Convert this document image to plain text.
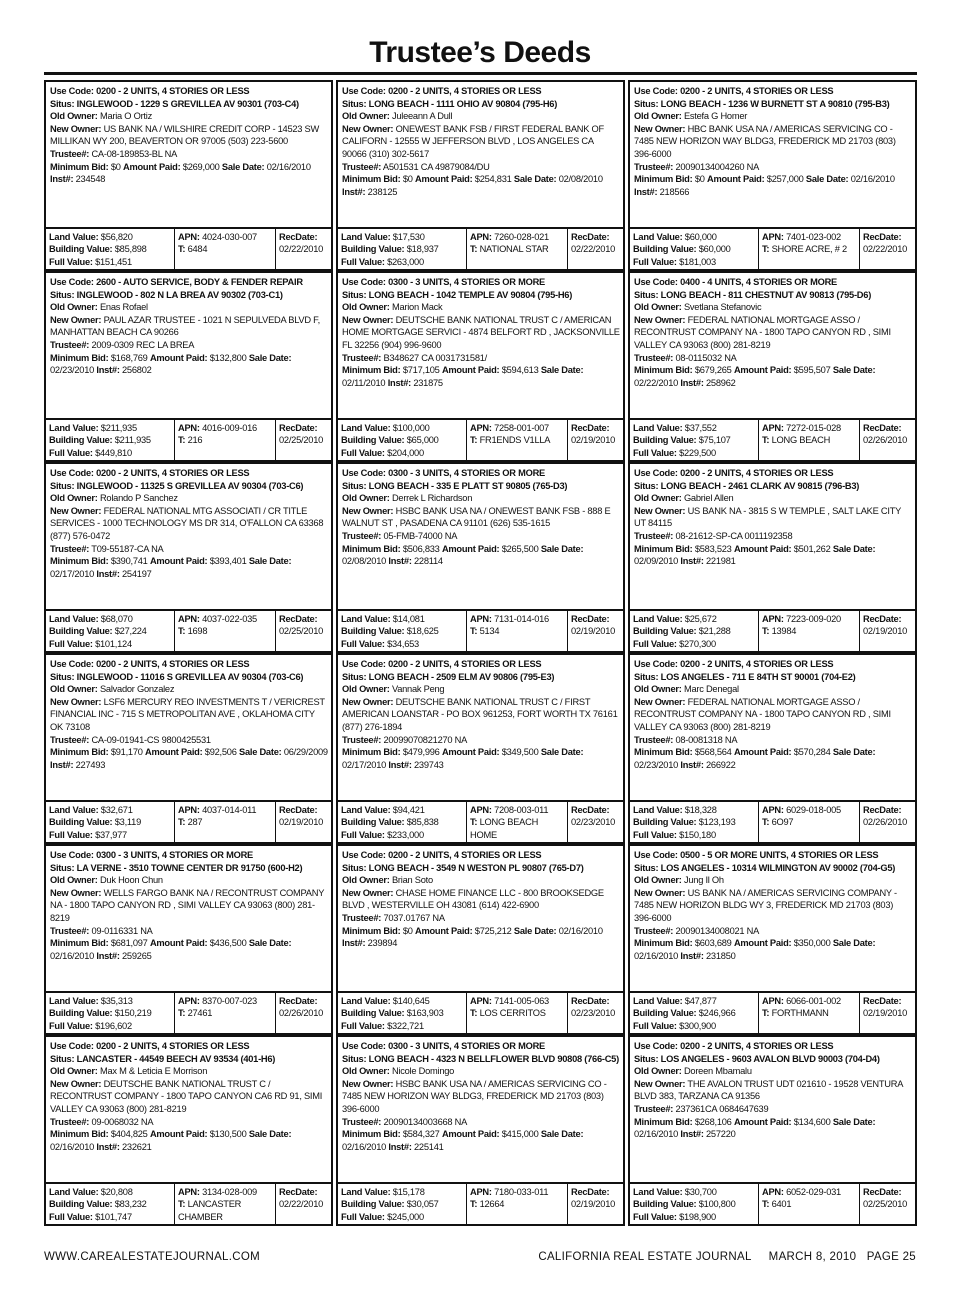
Trustee’s Deeds
Use Code: 0200 - 2 UNITS, 4 STORIES OR LESS
Situs: INGLEWOOD - 1229 S GREVILLEA AV 90301 (703-C4)
Old Owner: Maria O Ortiz
New Owner: US BANK NA / WILSHIRE CREDIT CORP - 14523 SW MILLIKAN WY 200, BEAVERTON OR 97005 (503) 223-5600
Trustee#: CA-08-189853-BL NA
Minimum Bid: $0 Amount Paid: $269,000 Sale Date: 02/16/2010 Inst#: 234548
Land Value: $56,820
Building Value: $85,898
Full Value: $151,451
APN: 4024-030-007
T: 6484
RecDate:
02/22/2010
Use Code: 0200 - 2 UNITS, 4 STORIES OR LESS
Situs: LONG BEACH - 1111 OHIO AV 90804 (795-H6)
Old Owner: Juleeann A Dull
New Owner: ONEWEST BANK FSB / FIRST FEDERAL BANK OF CALIFORN - 12555 W JEFFERSON BLVD , LOS ANGELES CA 90066 (310) 302-5617
Trustee#: A501531 CA 49879084/DU
Minimum Bid: $0 Amount Paid: $254,831 Sale Date: 02/08/2010 Inst#: 238125
Land Value: $17,530
Building Value: $18,937
Full Value: $263,000
APN: 7260-028-021
T: NATIONAL STAR
RecDate:
02/22/2010
Use Code: 0200 - 2 UNITS, 4 STORIES OR LESS
Situs: LONG BEACH - 1236 W BURNETT ST A 90810 (795-B3)
Old Owner: Estefa G Homer
New Owner: HBC BANK USA NA / AMERICAS SERVICING CO - 7485 NEW HORIZON WAY BLDG3, FREDERICK MD 21703 (803) 396-6000
Trustee#: 20090134004260 NA
Minimum Bid: $0 Amount Paid: $257,000 Sale Date: 02/16/2010 Inst#: 218566
Land Value: $60,000
Building Value: $60,000
Full Value: $181,003
APN: 7401-023-002
T: SHORE ACRE, # 2
RecDate:
02/22/2010
Use Code: 2600 - AUTO SERVICE, BODY & FENDER REPAIR
Situs: INGLEWOOD - 802 N LA BREA AV 90302 (703-C1)
Old Owner: Enas Rofael
New Owner: PAUL AZAR TRUSTEE - 1021 N SEPULVEDA BLVD F, MANHATTAN BEACH CA 90266
Trustee#: 2009-0309 REC LA BREA
Minimum Bid: $168,769 Amount Paid: $132,800 Sale Date: 02/23/2010 Inst#: 256802
Land Value: $211,935
Building Value: $211,935
Full Value: $449,810
APN: 4016-009-016
T: 216
RecDate:
02/25/2010
Use Code: 0300 - 3 UNITS, 4 STORIES OR MORE
Situs: LONG BEACH - 1042 TEMPLE AV 90804 (795-H6)
Old Owner: Marion Mack
New Owner: DEUTSCHE BANK NATIONAL TRUST C / AMERICAN HOME MORTGAGE SERVICI - 4874 BELFORT RD , JACKSONVILLE FL 32256 (904) 996-9600
Trustee#: B348627 CA 0031731581/
Minimum Bid: $717,105 Amount Paid: $594,613 Sale Date: 02/11/2010 Inst#: 231875
Land Value: $100,000
Building Value: $65,000
Full Value: $204,000
APN: 7258-001-007
T: FR1ENDS V1LLA
RecDate:
02/19/2010
Use Code: 0400 - 4 UNITS, 4 STORIES OR MORE
Situs: LONG BEACH - 811 CHESTNUT AV 90813 (795-D6)
Old Owner: Svetlana Stefanovic
New Owner: FEDERAL NATIONAL MORTGAGE ASSO / RECONTRUST COMPANY NA - 1800 TAPO CANYON RD , SIMI VALLEY CA 93063 (800) 281-8219
Trustee#: 08-0115032 NA
Minimum Bid: $679,265 Amount Paid: $595,507 Sale Date: 02/22/2010 Inst#: 258962
Land Value: $37,552
Building Value: $75,107
Full Value: $229,500
APN: 7272-015-028
T: LONG BEACH
RecDate:
02/26/2010
Use Code: 0200 - 2 UNITS, 4 STORIES OR LESS
Situs: INGLEWOOD - 11325 S GREVILLEA AV 90304 (703-C6)
Old Owner: Rolando P Sanchez
New Owner: FEDERAL NATIONAL MTG ASSOCIATI / CR TITLE SERVICES - 1000 TECHNOLOGY MS DR 314, O'FALLON CA 63368 (877) 576-0472
Trustee#: T09-55187-CA NA
Minimum Bid: $390,741 Amount Paid: $393,401 Sale Date: 02/17/2010 Inst#: 254197
Land Value: $68,070
Building Value: $27,224
Full Value: $101,124
APN: 4037-022-035
T: 1698
RecDate:
02/25/2010
Use Code: 0300 - 3 UNITS, 4 STORIES OR MORE
Situs: LONG BEACH - 335 E PLATT ST 90805 (765-D3)
Old Owner: Derrek L Richardson
New Owner: HSBC BANK USA NA / ONEWEST BANK FSB - 888 E WALNUT ST , PASADENA CA 91101 (626) 535-1615
Trustee#: 05-FMB-74000 NA
Minimum Bid: $506,833 Amount Paid: $265,500 Sale Date: 02/08/2010 Inst#: 228114
Land Value: $14,081
Building Value: $18,625
Full Value: $34,653
APN: 7131-014-016
T: 5134
RecDate:
02/19/2010
Use Code: 0200 - 2 UNITS, 4 STORIES OR LESS
Situs: LONG BEACH - 2461 CLARK AV 90815 (796-B3)
Old Owner: Gabriel Allen
New Owner: US BANK NA - 3815 S W TEMPLE , SALT LAKE CITY UT 84115
Trustee#: 08-21612-SP-CA 0011192358
Minimum Bid: $583,523 Amount Paid: $501,262 Sale Date: 02/09/2010 Inst#: 221981
Land Value: $25,672
Building Value: $21,288
Full Value: $270,300
APN: 7223-009-020
T: 13984
RecDate:
02/19/2010
Use Code: 0200 - 2 UNITS, 4 STORIES OR LESS
Situs: INGLEWOOD - 11016 S GREVILLEA AV 90304 (703-C6)
Old Owner: Salvador Gonzalez
New Owner: LSF6 MERCURY REO INVESTMENTS T / VERICREST FINANCIAL INC - 715 S METROPOLITAN AVE , OKLAHOMA CITY OK 73108
Trustee#: CA-09-01941-CS 9800425531
Minimum Bid: $91,170 Amount Paid: $92,506 Sale Date: 06/29/2009 Inst#: 227493
Land Value: $32,671
Building Value: $3,119
Full Value: $37,977
APN: 4037-014-011
T: 287
RecDate:
02/19/2010
Use Code: 0200 - 2 UNITS, 4 STORIES OR LESS
Situs: LONG BEACH - 2509 ELM AV 90806 (795-E3)
Old Owner: Vannak Peng
New Owner: DEUTSCHE BANK NATIONAL TRUST C / FIRST AMERICAN LOANSTAR - PO BOX 961253, FORT WORTH TX 76161 (877) 276-1894
Trustee#: 20099070821270 NA
Minimum Bid: $479,996 Amount Paid: $349,500 Sale Date: 02/17/2010 Inst#: 239743
Land Value: $94,421
Building Value: $85,838
Full Value: $233,000
APN: 7208-003-011
T: LONG BEACH HOME
RecDate:
02/23/2010
Use Code: 0200 - 2 UNITS, 4 STORIES OR LESS
Situs: LOS ANGELES - 711 E 84TH ST 90001 (704-E2)
Old Owner: Marc Denegal
New Owner: FEDERAL NATIONAL MORTGAGE ASSO / RECONTRUST COMPANY NA - 1800 TAPO CANYON RD , SIMI VALLEY CA 93063 (800) 281-8219
Trustee#: 08-0081318 NA
Minimum Bid: $568,564 Amount Paid: $570,284 Sale Date: 02/23/2010 Inst#: 266922
Land Value: $18,328
Building Value: $123,193
Full Value: $150,180
APN: 6029-018-005
T: 6O97
RecDate:
02/26/2010
Use Code: 0300 - 3 UNITS, 4 STORIES OR MORE
Situs: LA VERNE - 3510 TOWNE CENTER DR 91750 (600-H2)
Old Owner: Duk Hoon Chun
New Owner: WELLS FARGO BANK NA / RECONTRUST COMPANY NA - 1800 TAPO CANYON RD , SIMI VALLEY CA 93063 (800) 281-8219
Trustee#: 09-0116331 NA
Minimum Bid: $681,097 Amount Paid: $436,500 Sale Date: 02/16/2010 Inst#: 259265
Land Value: $35,313
Building Value: $150,219
Full Value: $196,602
APN: 8370-007-023
T: 27461
RecDate:
02/26/2010
Use Code: 0200 - 2 UNITS, 4 STORIES OR LESS
Situs: LONG BEACH - 3549 N WESTON PL 90807 (765-D7)
Old Owner: Brian Soto
New Owner: CHASE HOME FINANCE LLC - 800 BROOKSEDGE BLVD , WESTERVILLE OH 43081 (614) 422-6900
Trustee#: 7037.01767 NA
Minimum Bid: $0 Amount Paid: $725,212 Sale Date: 02/16/2010 Inst#: 239894
Land Value: $140,645
Building Value: $163,903
Full Value: $322,721
APN: 7141-005-063
T: LOS CERRITOS
RecDate:
02/23/2010
Use Code: 0500 - 5 OR MORE UNITS, 4 STORIES OR LESS
Situs: LOS ANGELES - 10314 WILMINGTON AV 90002 (704-G5)
Old Owner: Jung Il Oh
New Owner: US BANK NA / AMERICAS SERVICING COMPANY - 7485 NEW HORIZON BLDG WY 3, FREDERICK MD 21703 (803) 396-6000
Trustee#: 20090134008021 NA
Minimum Bid: $603,689 Amount Paid: $350,000 Sale Date: 02/16/2010 Inst#: 231850
Land Value: $47,877
Building Value: $246,966
Full Value: $300,900
APN: 6066-001-002
T: FORTHMANN
RecDate:
02/19/2010
Use Code: 0200 - 2 UNITS, 4 STORIES OR LESS
Situs: LANCASTER - 44549 BEECH AV 93534 (401-H6)
Old Owner: Max M & Leticia E Morrison
New Owner: DEUTSCHE BANK NATIONAL TRUST C / RECONTRUST COMPANY - 1800 TAPO CANYON CA6 RD 91, SIMI VALLEY CA 93063 (800) 281-8219
Trustee#: 09-0068032 NA
Minimum Bid: $404,825 Amount Paid: $130,500 Sale Date: 02/16/2010 Inst#: 232621
Land Value: $20,808
Building Value: $83,232
Full Value: $101,747
APN: 3134-028-009
T: LANCASTER CHAMBER
RecDate:
02/22/2010
Use Code: 0300 - 3 UNITS, 4 STORIES OR MORE
Situs: LONG BEACH - 4323 N BELLFLOWER BLVD 90808 (766-C5)
Old Owner: Nicole Domingo
New Owner: HSBC BANK USA NA / AMERICAS SERVICING CO - 7485 NEW HORIZON WAY BLDG3, FREDERICK MD 21703 (803) 396-6000
Trustee#: 20090134003668 NA
Minimum Bid: $584,327 Amount Paid: $415,000 Sale Date: 02/16/2010 Inst#: 225141
Land Value: $15,178
Building Value: $30,057
Full Value: $245,000
APN: 7180-033-011
T: 12664
RecDate:
02/19/2010
Use Code: 0200 - 2 UNITS, 4 STORIES OR LESS
Situs: LOS ANGELES - 9603 AVALON BLVD 90003 (704-D4)
Old Owner: Doreen Mbamalu
New Owner: THE AVALON TRUST UDT 021610 - 19528 VENTURA BLVD 383, TARZANA CA 91356
Trustee#: 237361CA 0684647639
Minimum Bid: $268,106 Amount Paid: $134,600 Sale Date: 02/16/2010 Inst#: 257220
Land Value: $30,700
Building Value: $100,800
Full Value: $198,900
APN: 6052-029-031
T: 6401
RecDate:
02/25/2010
WWW.CAREALESTATEJOURNAL.COM	CALIFORNIA REAL ESTATE JOURNAL     MARCH 8, 2010   PAGE 25
